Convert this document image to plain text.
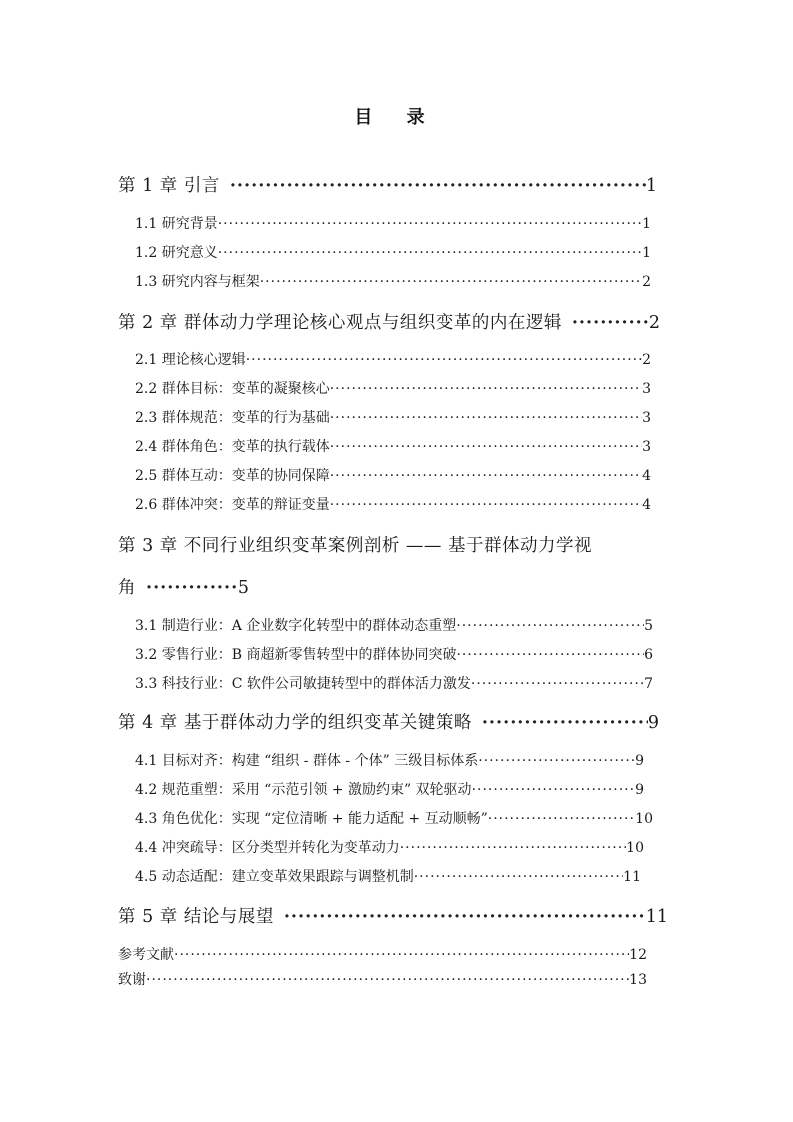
目 录
第 1 章 引言 ·····	1
1.1 研究背景 ·····	1
1.2 研究意义 ·····	1
1.3 研究内容与框架 ·····	2
第 2 章 群体动力学理论核心观点与组织变革的内在逻辑 ·····	2
2.1 理论核心逻辑 ·····	2
2.2 群体目标：变革的凝聚核心 ·····	3
2.3 群体规范：变革的行为基础 ·····	3
2.4 群体角色：变革的执行载体 ·····	3
2.5 群体互动：变革的协同保障 ·····	4
2.6 群体冲突：变革的辩证变量 ·····	4
第 3 章 不同行业组织变革案例剖析 —— 基于群体动力学视
角 ·····	5
3.1 制造行业：A 企业数字化转型中的群体动态重塑 ·····	5
3.2 零售行业：B 商超新零售转型中的群体协同突破 ·····	6
3.3 科技行业：C 软件公司敏捷转型中的群体活力激发 ·····	7
第 4 章 基于群体动力学的组织变革关键策略 ·····	9
4.1 目标对齐：构建 “组织 - 群体 - 个体” 三级目标体系 ·····	9
4.2 规范重塑：采用 “示范引领 + 激励约束” 双轮驱动 ·····	9
4.3 角色优化：实现 “定位清晰 + 能力适配 + 互动顺畅” ·····	10
4.4 冲突疏导：区分类型并转化为变革动力 ·····	10
4.5 动态适配：建立变革效果跟踪与调整机制 ·····	11
第 5 章 结论与展望 ·····	11
参考文献 ·····	12
致谢 ·····	13
